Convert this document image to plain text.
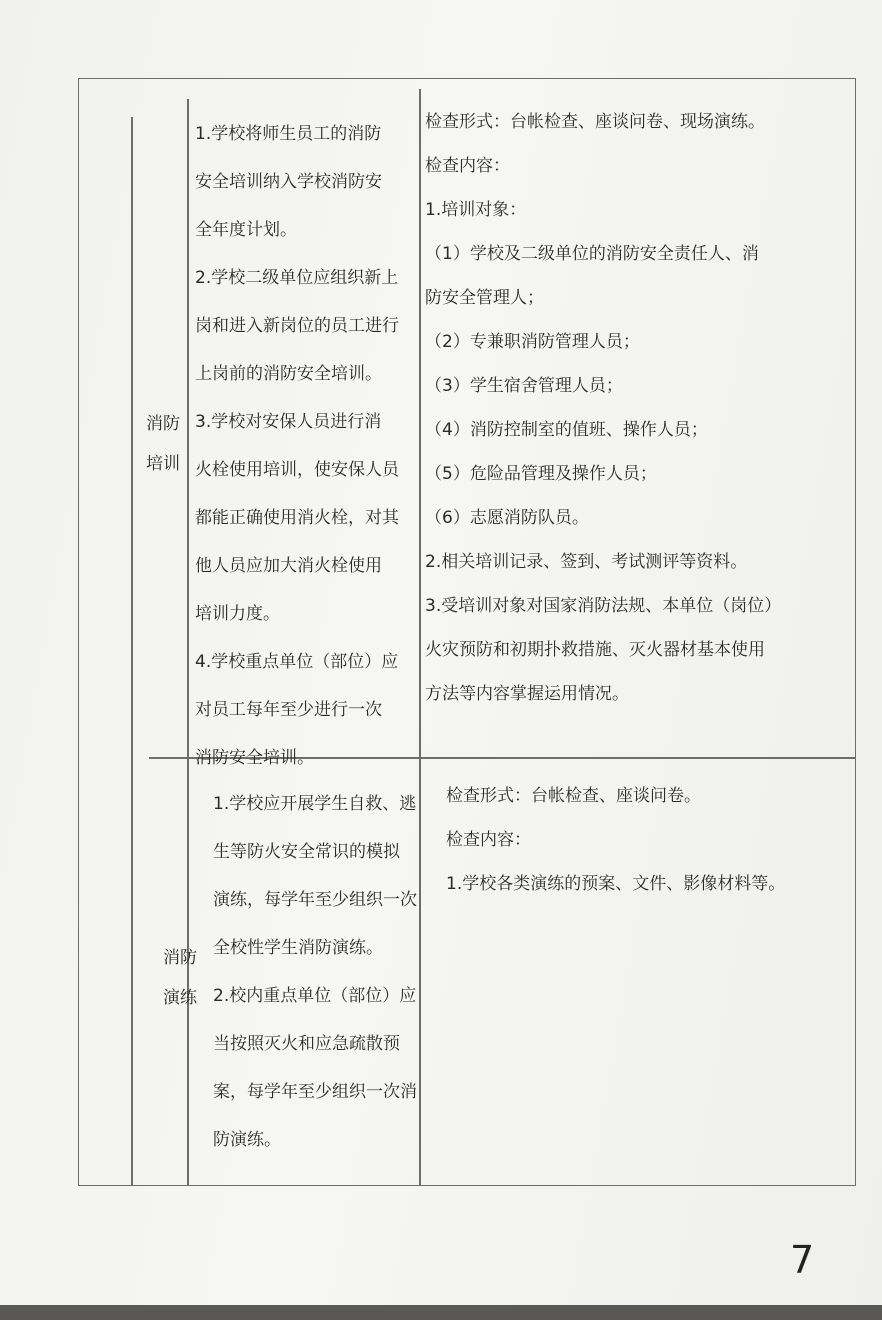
消防
培训
1.学校将师生员工的消防
安全培训纳入学校消防安
全年度计划。
2.学校二级单位应组织新上
岗和进入新岗位的员工进行
上岗前的消防安全培训。
3.学校对安保人员进行消
火栓使用培训，使安保人员
都能正确使用消火栓，对其
他人员应加大消火栓使用
培训力度。
4.学校重点单位（部位）应
对员工每年至少进行一次
消防安全培训。
检查形式：台帐检查、座谈问卷、现场演练。
检查内容：
1.培训对象：
（1）学校及二级单位的消防安全责任人、消
防安全管理人；
（2）专兼职消防管理人员；
（3）学生宿舍管理人员；
（4）消防控制室的值班、操作人员；
（5）危险品管理及操作人员；
（6）志愿消防队员。
2.相关培训记录、签到、考试测评等资料。
3.受培训对象对国家消防法规、本单位（岗位）
火灾预防和初期扑救措施、灭火器材基本使用
方法等内容掌握运用情况。
消防
演练
1.学校应开展学生自救、逃
生等防火安全常识的模拟
演练，每学年至少组织一次
全校性学生消防演练。
2.校内重点单位（部位）应
当按照灭火和应急疏散预
案，每学年至少组织一次消
防演练。
检查形式：台帐检查、座谈问卷。
检查内容：
1.学校各类演练的预案、文件、影像材料等。
7
